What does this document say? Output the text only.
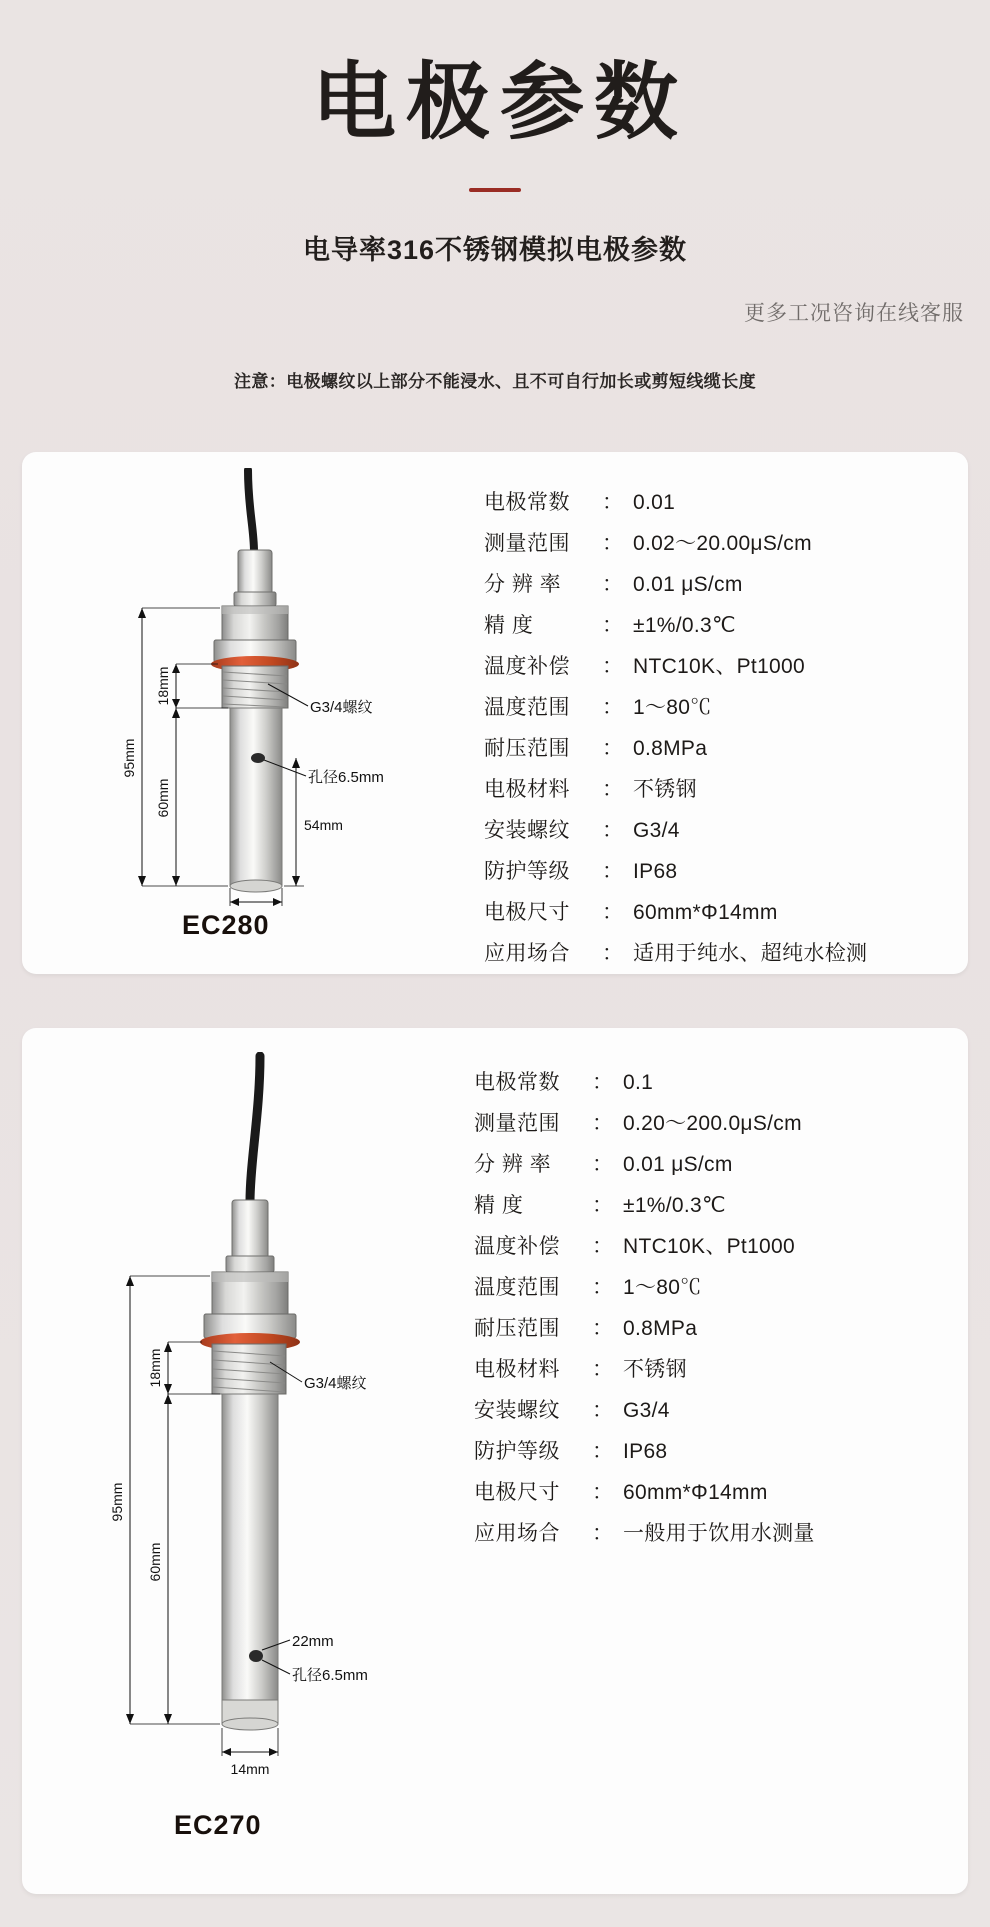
电极参数
电导率316不锈钢模拟电极参数
更多工况咨询在线客服
注意：电极螺纹以上部分不能浸水、且不可自行加长或剪短线缆长度
95mm
18mm
60mm
54mm
G3/4螺纹
孔径6.5mm
电极常数	： 0.01
测量范围	： 0.02～20.00μS/cm
分 辨 率	： 0.01 μS/cm
精 度	： ±1%/0.3℃
温度补偿	： NTC10K、Pt1000
温度范围	： 1～80℃
耐压范围	： 0.8MPa
电极材料	： 不锈钢
安装螺纹	： G3/4
防护等级	： IP68
电极尺寸	： 60mm*Φ14mm
应用场合	： 适用于纯水、超纯水检测
EC280
95mm
18mm
60mm
14mm
G3/4螺纹
22mm
孔径6.5mm
电极常数	： 0.1
测量范围	： 0.20～200.0μS/cm
分 辨 率	： 0.01 μS/cm
精 度	： ±1%/0.3℃
温度补偿	： NTC10K、Pt1000
温度范围	： 1～80℃
耐压范围	： 0.8MPa
电极材料	： 不锈钢
安装螺纹	： G3/4
防护等级	： IP68
电极尺寸	： 60mm*Φ14mm
应用场合	： 一般用于饮用水测量
EC270
